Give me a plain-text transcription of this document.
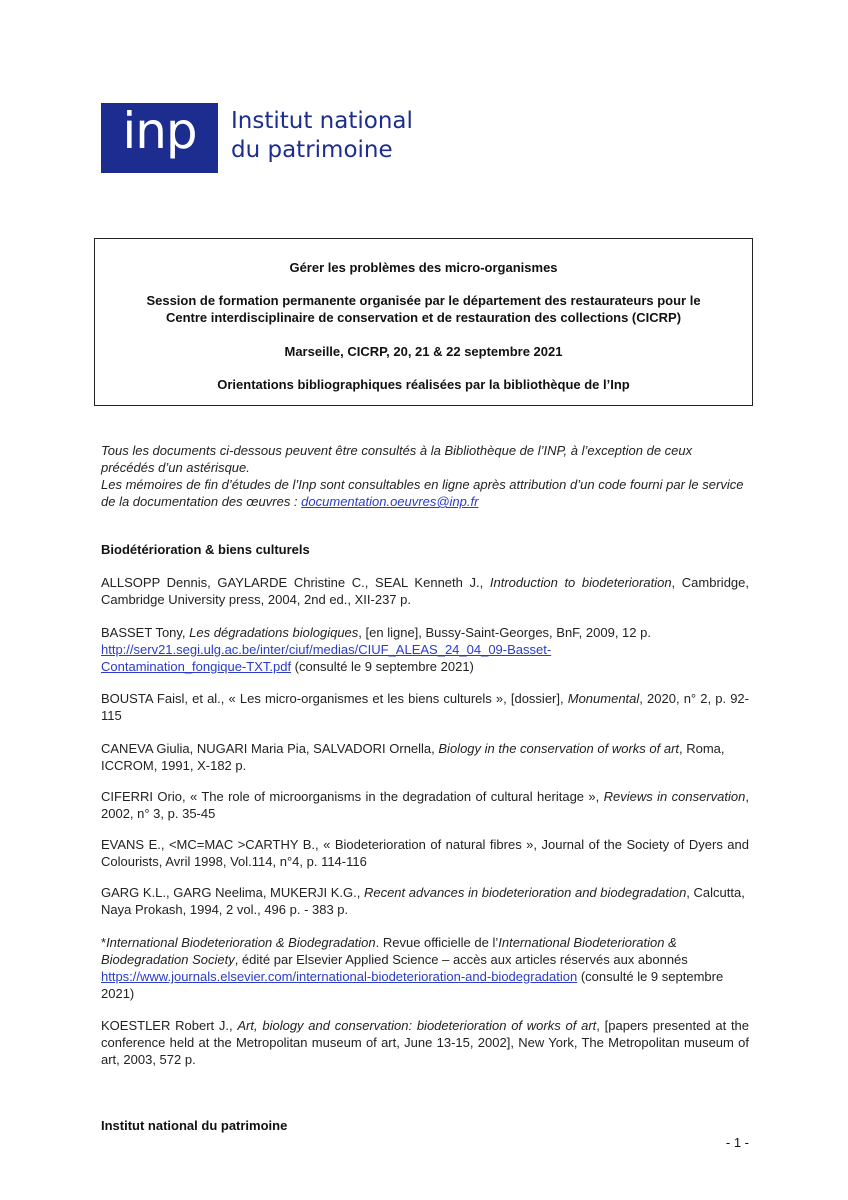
inp	Institut national
du patrimoine

Gérer les problèmes des micro-organismes

Session de formation permanente organisée par le département des restaurateurs pour le
Centre interdisciplinaire de conservation et de restauration des collections (CICRP)

Marseille, CICRP, 20, 21 & 22 septembre 2021

Orientations bibliographiques réalisées par la bibliothèque de l’Inp

Tous les documents ci-dessous peuvent être consultés à la Bibliothèque de l’INP, à l’exception de ceux précédés d’un astérisque.

Les mémoires de fin d’études de l’Inp sont consultables en ligne après attribution d’un code fourni par le service de la documentation des œuvres : documentation.oeuvres@inp.fr

Biodétérioration & biens culturels

ALLSOPP Dennis, GAYLARDE Christine C., SEAL Kenneth J., Introduction to biodeterioration, Cambridge, Cambridge University press, 2004, 2nd ed., XII-237 p.

BASSET Tony, Les dégradations biologiques, [en ligne], Bussy-Saint-Georges, BnF, 2009, 12 p.
http://serv21.segi.ulg.ac.be/inter/ciuf/medias/CIUF_ALEAS_24_04_09-Basset-
Contamination_fongique-TXT.pdf (consulté le 9 septembre 2021)

BOUSTA Faisl, et al., « Les micro-organismes et les biens culturels », [dossier], Monumental, 2020, n° 2, p. 92-115

CANEVA Giulia, NUGARI Maria Pia, SALVADORI Ornella, Biology in the conservation of works of art, Roma, ICCROM, 1991, X-182 p.

CIFERRI Orio, « The role of microorganisms in the degradation of cultural heritage », Reviews in conservation, 2002, n° 3, p. 35-45

EVANS E., <MC=MAC >CARTHY B., « Biodeterioration of natural fibres », Journal of the Society of Dyers and Colourists, Avril 1998, Vol.114, n°4, p. 114-116

GARG K.L., GARG Neelima, MUKERJI K.G., Recent advances in biodeterioration and biodegradation, Calcutta, Naya Prokash, 1994, 2 vol., 496 p. - 383 p.

*International Biodeterioration & Biodegradation. Revue officielle de l’International Biodeterioration & Biodegradation Society, édité par Elsevier Applied Science – accès aux articles réservés aux abonnés https://www.journals.elsevier.com/international-biodeterioration-and-biodegradation (consulté le 9 septembre 2021)

KOESTLER Robert J., Art, biology and conservation: biodeterioration of works of art, [papers presented at the conference held at the Metropolitan museum of art, June 13-15, 2002], New York, The Metropolitan museum of art, 2003, 572 p.

Institut national du patrimoine
- 1 -
